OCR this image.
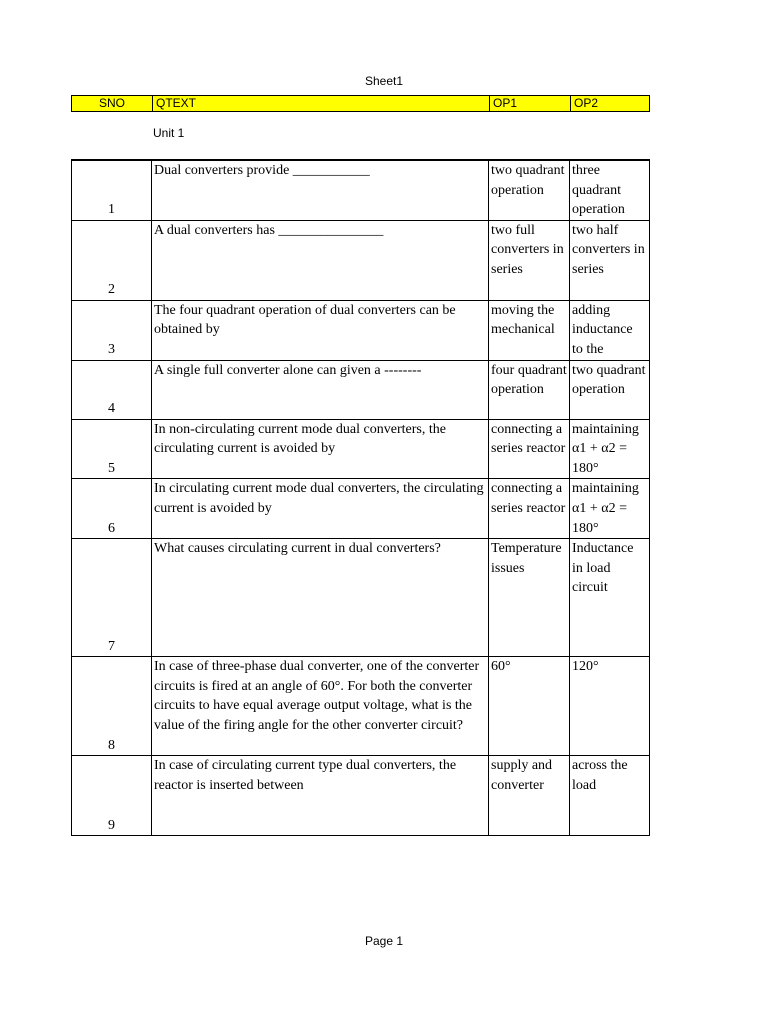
Sheet1
SNO	QTEXT	OP1	OP2
Unit 1
1	Dual converters provide ___________	two quadrant operation	three quadrant operation
2	A dual converters has _______________	two full converters in series	two half converters in series
3	The four quadrant operation of dual converters can be obtained by	moving the mechanical	adding inductance to the
4	A single full converter alone can given a --------	four quadrant operation	two quadrant operation
5	In non-circulating current mode dual converters, the circulating current is avoided by	connecting a series reactor	maintaining α1 + α2 = 180°
6	In circulating current mode dual converters, the circulating current is avoided by	connecting a series reactor	maintaining α1 + α2 = 180°
7	What causes circulating current in dual converters?	Temperature issues	Inductance in load circuit
8	In case of three-phase dual converter, one of the converter circuits is fired at an angle of 60°. For both the converter circuits to have equal average output voltage, what is the value of the firing angle for the other converter circuit?	60°	120°
9	In case of circulating current type dual converters, the reactor is inserted between	supply and converter	across the load
Page 1
